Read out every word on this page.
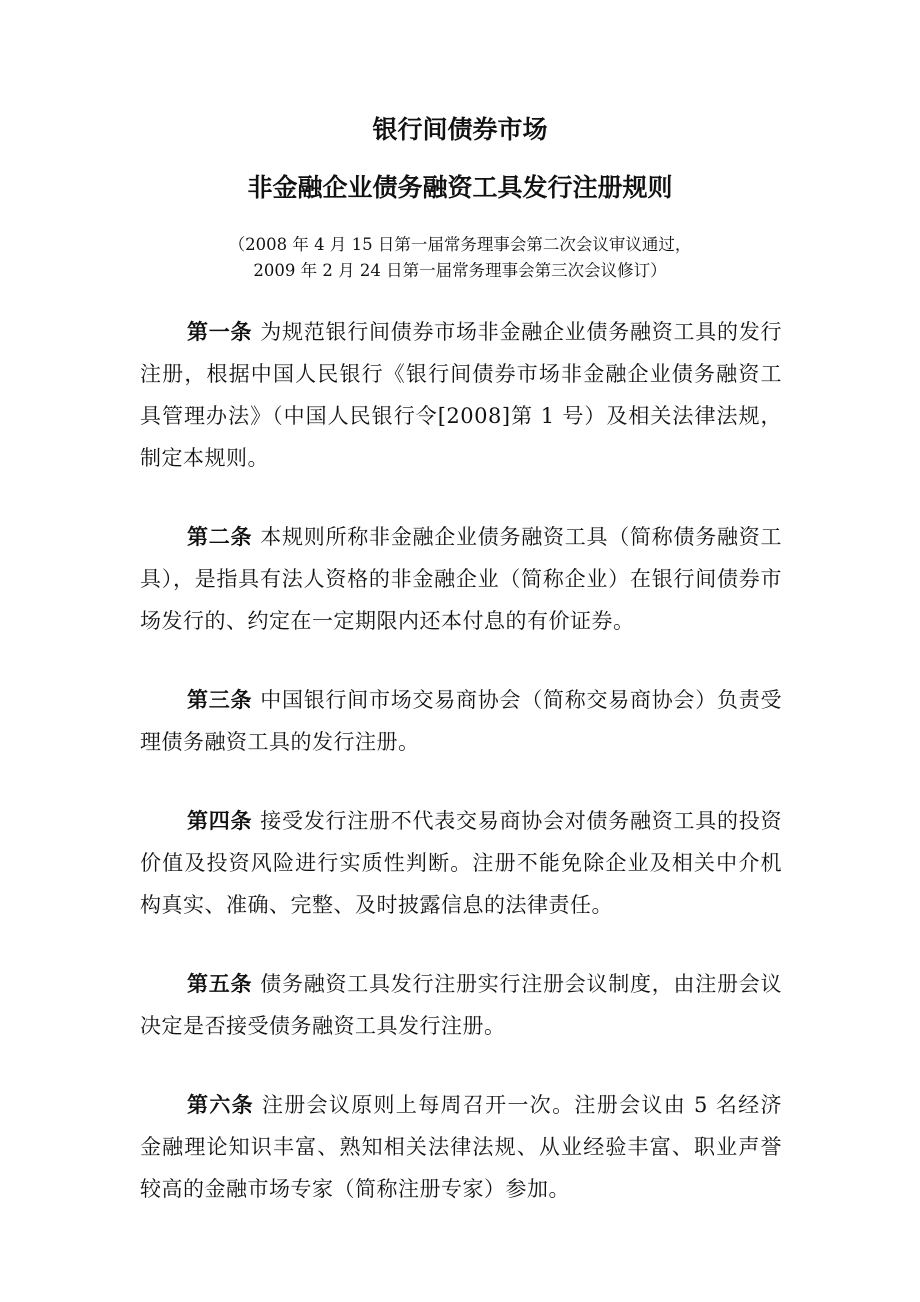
银行间债券市场
非金融企业债务融资工具发行注册规则
（2008 年 4 月 15 日第一届常务理事会第二次会议审议通过，
2009 年 2 月 24 日第一届常务理事会第三次会议修订）

第一条 为规范银行间债券市场非金融企业债务融资工具的发行注册，根据中国人民银行《银行间债券市场非金融企业债务融资工具管理办法》（中国人民银行令[2008]第 1 号）及相关法律法规，制定本规则。

第二条 本规则所称非金融企业债务融资工具（简称债务融资工具），是指具有法人资格的非金融企业（简称企业）在银行间债券市场发行的、约定在一定期限内还本付息的有价证券。

第三条 中国银行间市场交易商协会（简称交易商协会）负责受理债务融资工具的发行注册。

第四条 接受发行注册不代表交易商协会对债务融资工具的投资价值及投资风险进行实质性判断。注册不能免除企业及相关中介机构真实、准确、完整、及时披露信息的法律责任。

第五条 债务融资工具发行注册实行注册会议制度，由注册会议决定是否接受债务融资工具发行注册。

第六条 注册会议原则上每周召开一次。注册会议由 5 名经济金融理论知识丰富、熟知相关法律法规、从业经验丰富、职业声誉较高的金融市场专家（简称注册专家）参加。
